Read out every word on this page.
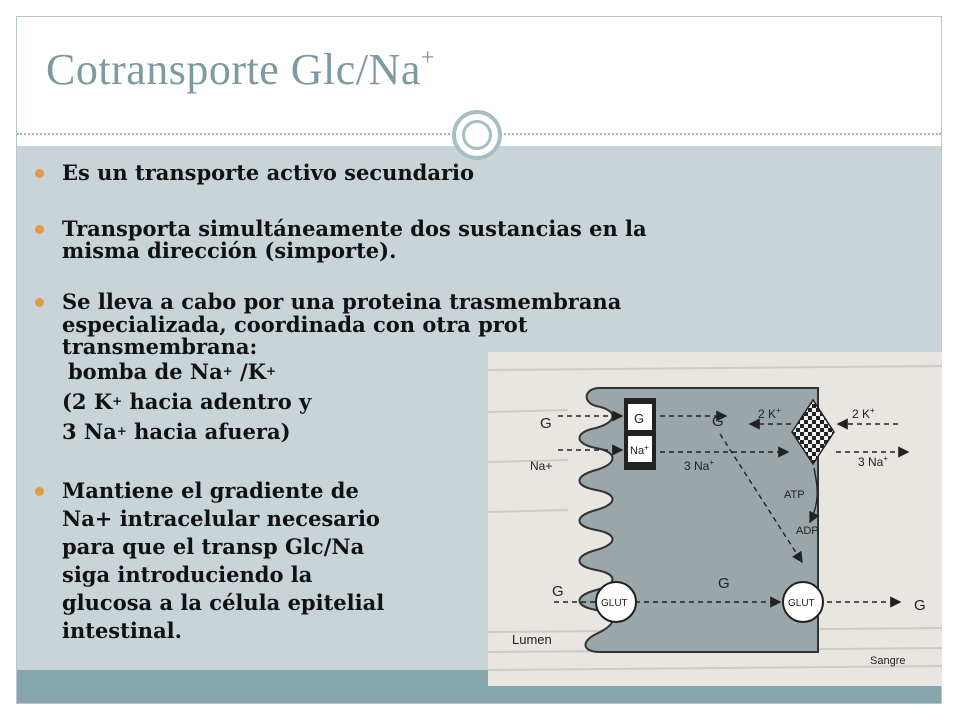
Cotransporte Glc/Na+
Es un transporte activo secundario
Transporta simultáneamente dos sustancias en la
misma dirección (simporte).
Se lleva a cabo por una proteina trasmembrana
especializada, coordinada con otra prot
transmembrana:
bomba de Na+ /K+
(2 K+ hacia adentro y
3 Na+ hacia afuera)
Mantiene el gradiente de
Na+ intracelular necesario
para que el transp Glc/Na
siga introduciendo la
glucosa a la célula epitelial
intestinal.
G
Na+
GLUT	GLUT
G
Na+
G
3 Na+
2 K+	2 K+
3 Na+
ATP
ADP
G
G
G
Lumen
Sangre
